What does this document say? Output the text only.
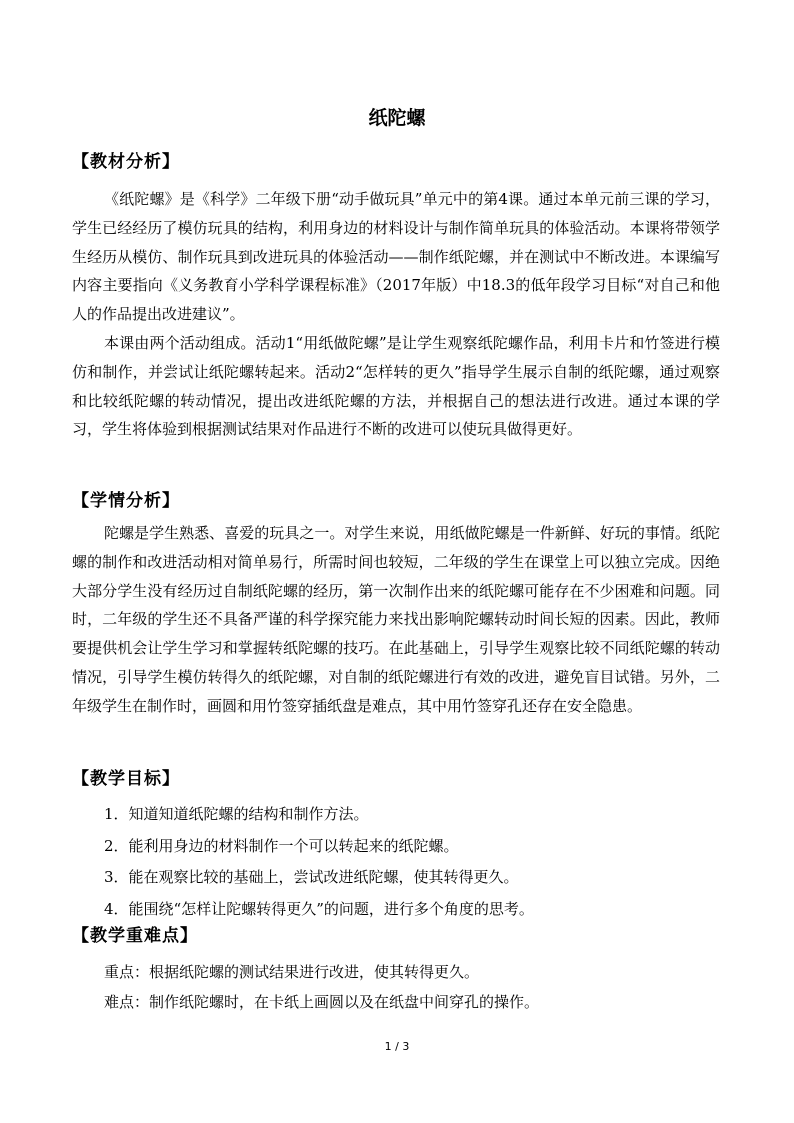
纸陀螺
【教材分析】

《纸陀螺》是《科学》二年级下册“动手做玩具”单元中的第4课。通过本单元前三课的学习，学生已经经历了模仿玩具的结构，利用身边的材料设计与制作简单玩具的体验活动。本课将带领学生经历从模仿、制作玩具到改进玩具的体验活动——制作纸陀螺，并在测试中不断改进。本课编写内容主要指向《义务教育小学科学课程标准》（2017年版）中18.3的低年段学习目标“对自己和他人的作品提出改进建议”。

本课由两个活动组成。活动1“用纸做陀螺”是让学生观察纸陀螺作品，利用卡片和竹签进行模仿和制作，并尝试让纸陀螺转起来。活动2“怎样转的更久”指导学生展示自制的纸陀螺，通过观察和比较纸陀螺的转动情况，提出改进纸陀螺的方法，并根据自己的想法进行改进。通过本课的学习，学生将体验到根据测试结果对作品进行不断的改进可以使玩具做得更好。

【学情分析】

陀螺是学生熟悉、喜爱的玩具之一。对学生来说，用纸做陀螺是一件新鲜、好玩的事情。纸陀螺的制作和改进活动相对简单易行，所需时间也较短，二年级的学生在课堂上可以独立完成。因绝大部分学生没有经历过自制纸陀螺的经历，第一次制作出来的纸陀螺可能存在不少困难和问题。同时，二年级的学生还不具备严谨的科学探究能力来找出影响陀螺转动时间长短的因素。因此，教师要提供机会让学生学习和掌握转纸陀螺的技巧。在此基础上，引导学生观察比较不同纸陀螺的转动情况，引导学生模仿转得久的纸陀螺，对自制的纸陀螺进行有效的改进，避免盲目试错。另外，二年级学生在制作时，画圆和用竹签穿插纸盘是难点，其中用竹签穿孔还存在安全隐患。

【教学目标】
1．知道知道纸陀螺的结构和制作方法。
2．能利用身边的材料制作一个可以转起来的纸陀螺。
3．能在观察比较的基础上，尝试改进纸陀螺，使其转得更久。
4．能围绕“怎样让陀螺转得更久”的问题，进行多个角度的思考。
【教学重难点】
重点：根据纸陀螺的测试结果进行改进，使其转得更久。
难点：制作纸陀螺时，在卡纸上画圆以及在纸盘中间穿孔的操作。
1 / 3
